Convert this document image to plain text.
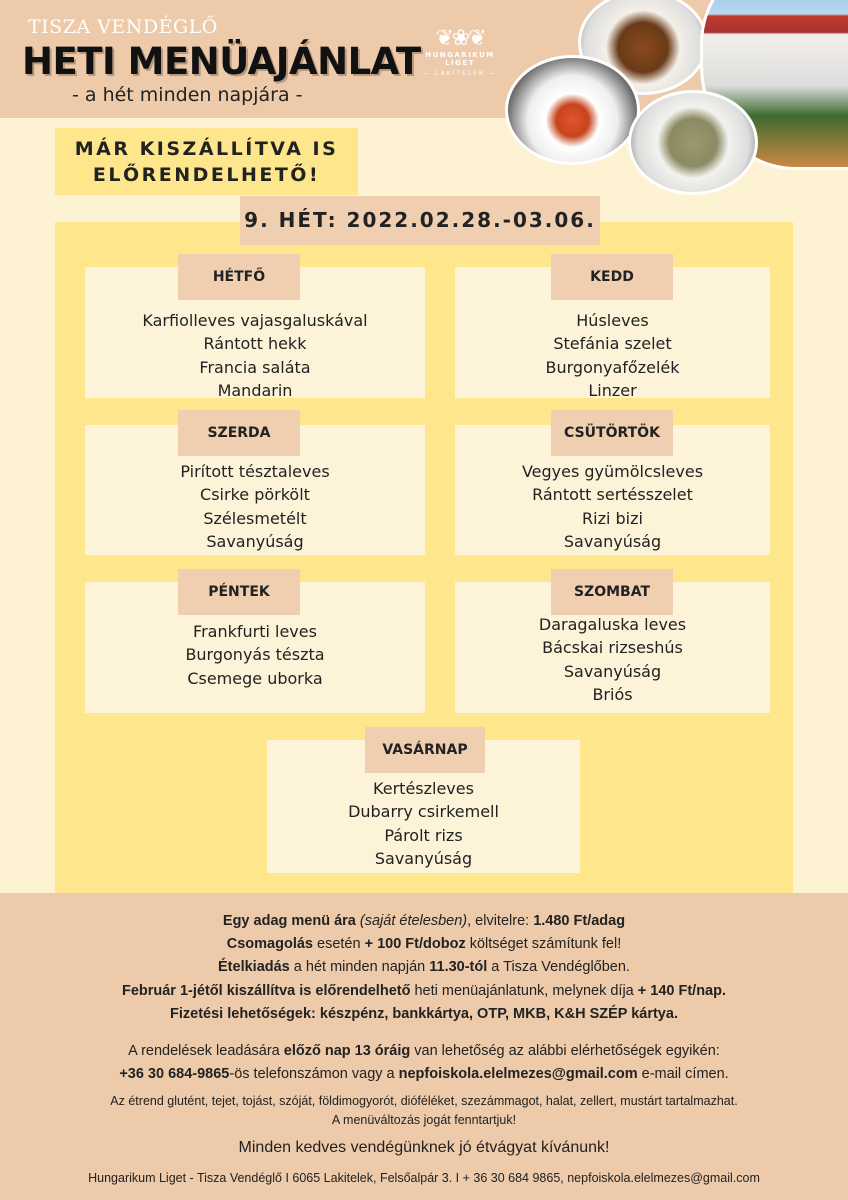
TISZA VENDÉGLŐ
HETI MENÜAJÁNLAT
- a hét minden napjára -
❦❀❦
HUNGARIKUM LIGET
— LAKITELEK —
MÁR KISZÁLLÍTVA IS
ELŐRENDELHETŐ!
9. HÉT: 2022.02.28.-03.06.
HÉTFŐ
Karfiolleves vajasgaluskával
Rántott hekk
Francia saláta
Mandarin
KEDD
Húsleves
Stefánia szelet
Burgonyafőzelék
Linzer
SZERDA
Pirított tésztaleves
Csirke pörkölt
Szélesmetélt
Savanyúság
CSÜTÖRTÖK
Vegyes gyümölcsleves
Rántott sertésszelet
Rizi bizi
Savanyúság
PÉNTEK
Frankfurti leves
Burgonyás tészta
Csemege uborka
SZOMBAT
Daragaluska leves
Bácskai rizseshús
Savanyúság
Briós
VASÁRNAP
Kertészleves
Dubarry csirkemell
Párolt rizs
Savanyúság
Egy adag menü ára (saját ételesben), elvitelre: 1.480 Ft/adag
Csomagolás esetén + 100 Ft/doboz költséget számítunk fel!
Ételkiadás a hét minden napján 11.30-tól a Tisza Vendéglőben.
Február 1-jétől kiszállítva is előrendelhető heti menüajánlatunk, melynek díja + 140 Ft/nap.
Fizetési lehetőségek: készpénz, bankkártya, OTP, MKB, K&H SZÉP kártya.
A rendelések leadására előző nap 13 óráig van lehetőség az alábbi elérhetőségek egyikén:
+36 30 684-9865-ös telefonszámon vagy a nepfoiskola.elelmezes@gmail.com e-mail címen.
Az étrend glutént, tejet, tojást, szóját, földimogyorót, dióféléket, szezámmagot, halat, zellert, mustárt tartalmazhat.
A menüváltozás jogát fenntartjuk!
Minden kedves vendégünknek jó étvágyat kívánunk!
Hungarikum Liget - Tisza Vendéglő I 6065 Lakitelek, Felsőalpár 3. I + 36 30 684 9865, nepfoiskola.elelmezes@gmail.com
